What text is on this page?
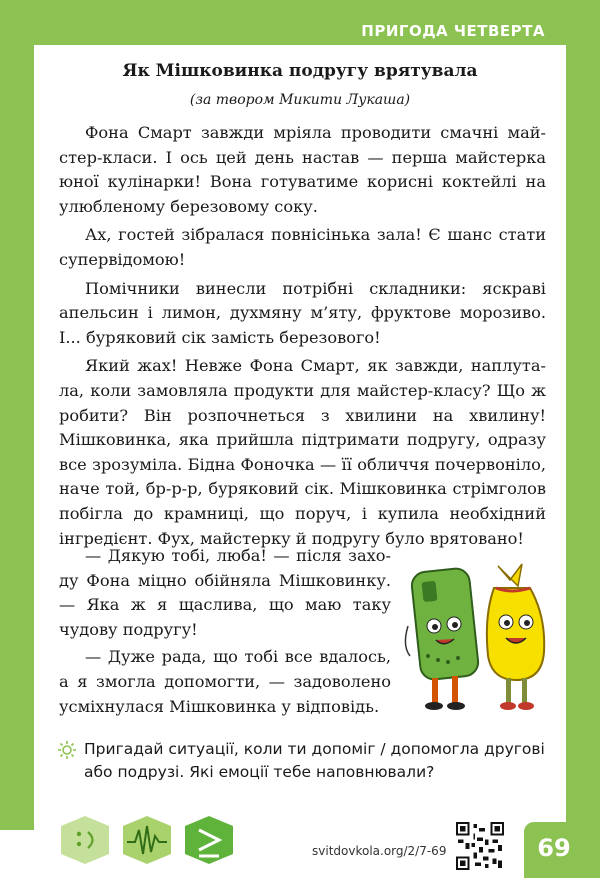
ПРИГОДА ЧЕТВЕРТА
Як Мішковинка подругу врятувала
(за твором Микити Лукаша)

Фона Смарт завжди мріяла проводити смачні майстер-класи. І ось цей день настав — перша майстерка юної кулінарки! Вона готуватиме корисні коктейлі на улюбленому березовому соку.

Ах, гостей зібралася повнісінька зала! Є шанс стати супервідомою!

Помічники винесли потрібні складники: яскраві апельсин і лимон, духмяну м’яту, фруктове морозиво. І... буряковий сік замість березового!

Який жах! Невже Фона Смарт, як завжди, наплутала, коли замовляла продукти для майстер-класу? Що ж робити? Він розпочнеться з хвилини на хвилину! Мішковинка, яка прийшла підтримати подругу, одразу все зрозуміла. Бідна Фоночка — її обличчя почервоніло, наче той, бр-р-р, буряковий сік. Мішковинка стрімголов побігла до крамниці, що поруч, і купила необхідний інгредієнт. Фух, майстерку й подругу було врятовано!

— Дякую тобі, люба! — після заходу Фона міцно обійняла Мішковинку. — Яка ж я щаслива, що маю таку чудову подругу!

— Дуже рада, що тобі все вдалось, а я змогла допомогти, — задоволено усміхнулася Мішковинка у відповідь.

Пригадай ситуації, коли ти допоміг / допомогла другові або подрузі. Які емоції тебе наповнювали?
svitdovkola.org/2/7-69	69
